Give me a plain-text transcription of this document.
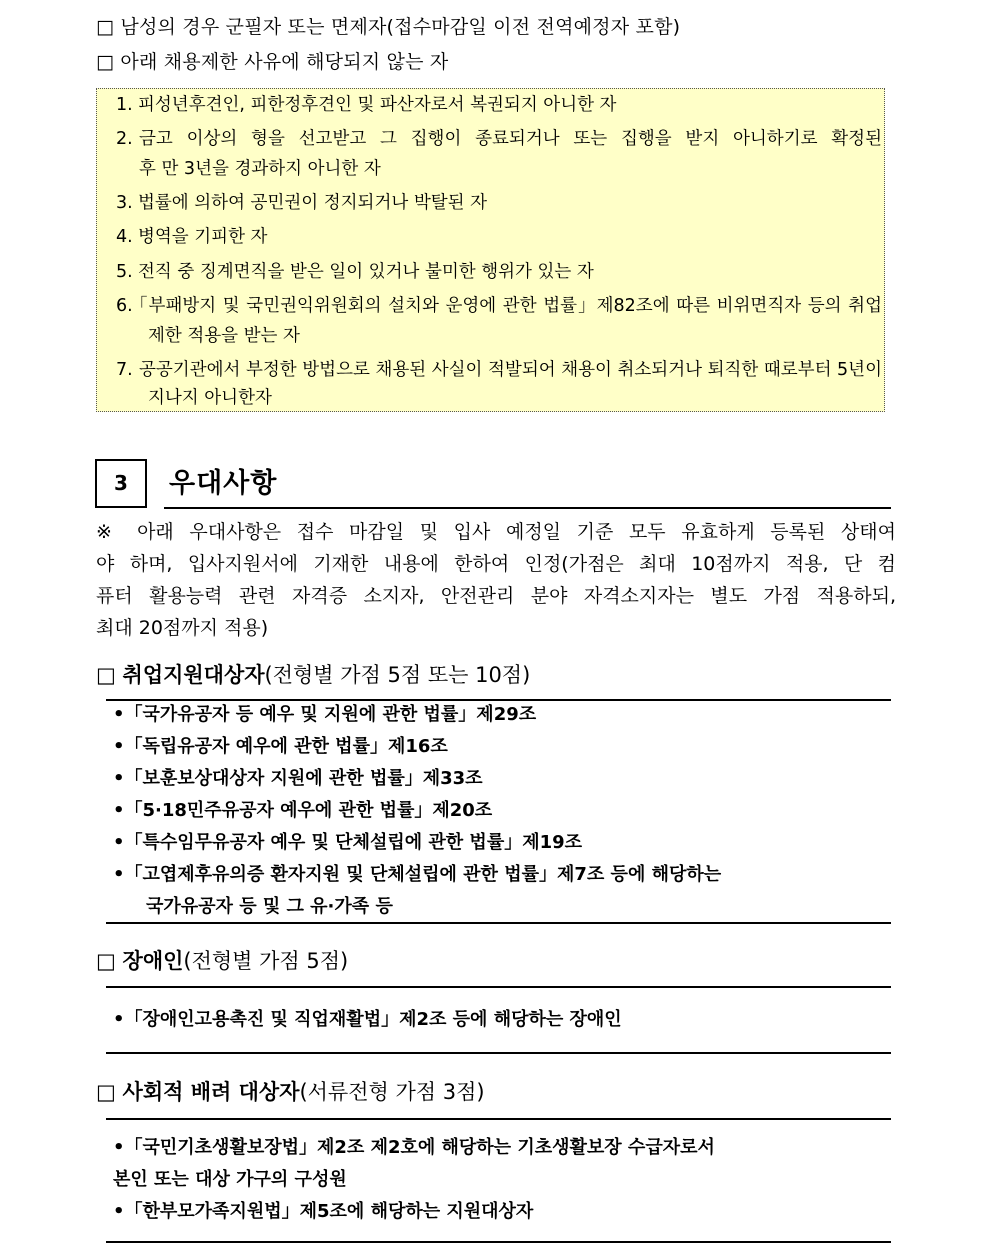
□ 남성의 경우 군필자 또는 면제자(접수마감일 이전 전역예정자 포함)
□ 아래 채용제한 사유에 해당되지 않는 자
1. 피성년후견인, 피한정후견인 및 파산자로서 복권되지 아니한 자
2. 금고 이상의 형을 선고받고 그 집행이 종료되거나 또는 집행을 받지 아니하기로 확정된
후 만 3년을 경과하지 아니한 자
3. 법률에 의하여 공민권이 정지되거나 박탈된 자
4. 병역을 기피한 자
5. 전직 중 징계면직을 받은 일이 있거나 불미한 행위가 있는 자
6.
「부패방지 및 국민권익위원회의 설치와 운영에 관한 법률」제82조에 따른 비위면직자 등의 취업
제한 적용을 받는 자
7. 공공기관에서 부정한 방법으로 채용된 사실이 적발되어 채용이 취소되거나 퇴직한 때로부터 5년이
지나지 아니한자
3	우대사항
※ 아래 우대사항은 접수 마감일 및 입사 예정일 기준 모두 유효하게 등록된 상태여
야 하며, 입사지원서에 기재한 내용에 한하여 인정(가점은 최대 10점까지 적용, 단 컴
퓨터 활용능력 관련 자격증 소지자, 안전관리 분야 자격소지자는 별도 가점 적용하되,
최대 20점까지 적용)
□ 취업지원대상자(전형별 가점 5점 또는 10점)
•「국가유공자 등 예우 및 지원에 관한 법률」제29조
•「독립유공자 예우에 관한 법률」제16조
•「보훈보상대상자 지원에 관한 법률」제33조
•「5·18민주유공자 예우에 관한 법률」제20조
•「특수임무유공자 예우 및 단체설립에 관한 법률」제19조
•「고엽제후유의증 환자지원 및 단체설립에 관한 법률」제7조 등에 해당하는
국가유공자 등 및 그 유·가족 등
□ 장애인(전형별 가점 5점)
•「장애인고용촉진 및 직업재활법」제2조 등에 해당하는 장애인
□ 사회적 배려 대상자(서류전형 가점 3점)
•「국민기초생활보장법」제2조 제2호에 해당하는 기초생활보장 수급자로서
본인 또는 대상 가구의 구성원
•「한부모가족지원법」제5조에 해당하는 지원대상자
